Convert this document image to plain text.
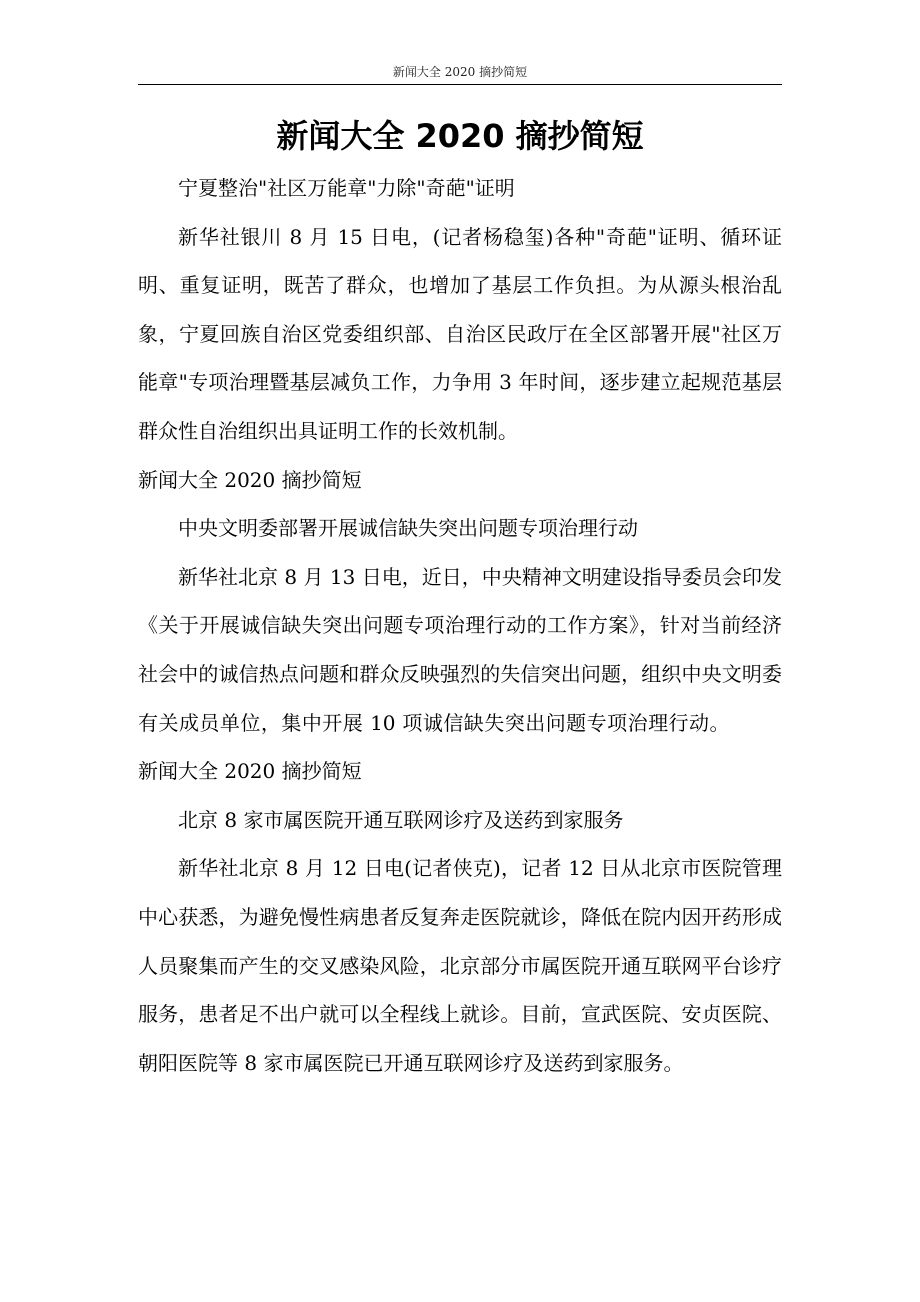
新闻大全 2020 摘抄简短
新闻大全 2020 摘抄简短

宁夏整治"社区万能章"力除"奇葩"证明

新华社银川 8 月 15 日电，(记者杨稳玺)各种"奇葩"证明、循环证明、重复证明，既苦了群众，也增加了基层工作负担。为从源头根治乱象，宁夏回族自治区党委组织部、自治区民政厅在全区部署开展"社区万能章"专项治理暨基层减负工作，力争用 3 年时间，逐步建立起规范基层群众性自治组织出具证明工作的长效机制。

新闻大全 2020 摘抄简短

中央文明委部署开展诚信缺失突出问题专项治理行动

新华社北京 8 月 13 日电，近日，中央精神文明建设指导委员会印发《关于开展诚信缺失突出问题专项治理行动的工作方案》，针对当前经济社会中的诚信热点问题和群众反映强烈的失信突出问题，组织中央文明委有关成员单位，集中开展 10 项诚信缺失突出问题专项治理行动。新闻大全 2020 摘抄简短

北京 8 家市属医院开通互联网诊疗及送药到家服务

新华社北京 8 月 12 日电(记者侠克)，记者 12 日从北京市医院管理中心获悉，为避免慢性病患者反复奔走医院就诊，降低在院内因开药形成人员聚集而产生的交叉感染风险，北京部分市属医院开通互联网平台诊疗服务，患者足不出户就可以全程线上就诊。目前，宣武医院、安贞医院、朝阳医院等 8 家市属医院已开通互联网诊疗及送药到家服务。
